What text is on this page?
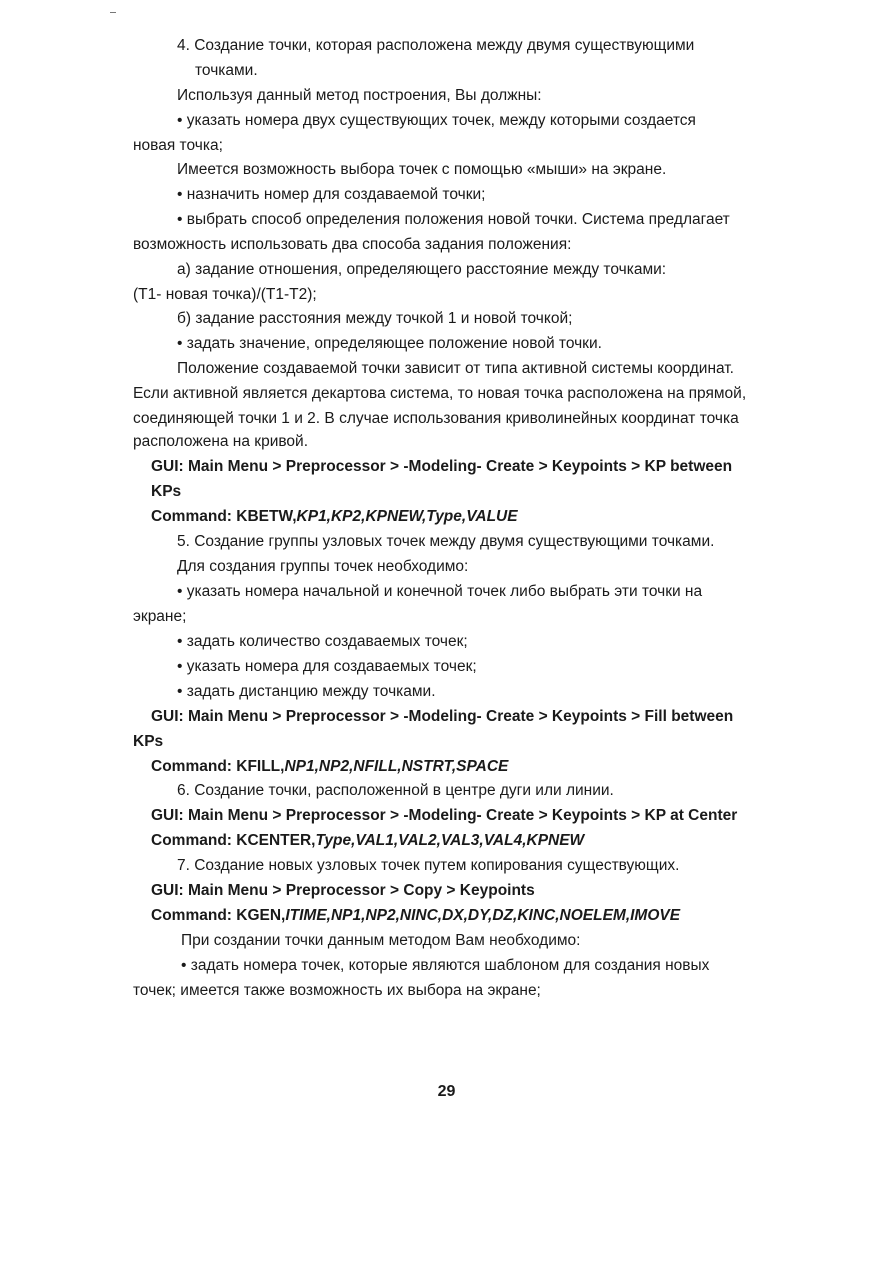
4. Создание точки, которая расположена между двумя существующими
точками.
Используя данный метод построения, Вы должны:
• указать номера двух существующих точек, между которыми создается
новая точка;
Имеется возможность выбора точек с помощью «мыши» на экране.
• назначить номер для создаваемой точки;
• выбрать способ определения положения новой точки. Система предлагает
возможность использовать два способа задания положения:
а) задание отношения, определяющего расстояние между точками:
(T1- новая точка)/(T1-T2);
б) задание расстояния между точкой 1 и новой точкой;
• задать значение, определяющее положение новой точки.
Положение создаваемой точки зависит от типа активной системы координат.
Если активной является декартова система, то новая точка расположена на прямой,
соединяющей точки 1 и 2. В случае использования криволинейных координат точка
расположена на кривой.
GUI: Main Menu > Preprocessor > -Modeling- Create > Keypoints > KP between
KPs
Command: KBETW,KP1,KP2,KPNEW,Type,VALUE
5. Создание группы узловых точек между двумя существующими точками.
Для создания группы точек необходимо:
• указать номера начальной и конечной точек либо выбрать эти точки на
экране;
• задать количество создаваемых точек;
• указать номера для создаваемых точек;
• задать дистанцию между точками.
GUI: Main Menu > Preprocessor > -Modeling- Create > Keypoints > Fill between
KPs
Command: KFILL,NP1,NP2,NFILL,NSTRT,SPACE
6. Создание точки, расположенной в центре дуги или линии.
GUI: Main Menu > Preprocessor > -Modeling- Create > Keypoints > KP at Center
Command: KCENTER,Type,VAL1,VAL2,VAL3,VAL4,KPNEW
7. Создание новых узловых точек путем копирования существующих.
GUI: Main Menu > Preprocessor > Copy > Keypoints
Command: KGEN,ITIME,NP1,NP2,NINC,DX,DY,DZ,KINC,NOELEM,IMOVE
При создании точки данным методом Вам необходимо:
• задать номера точек, которые являются шаблоном для создания новых
точек; имеется также возможность их выбора на экране;
29
